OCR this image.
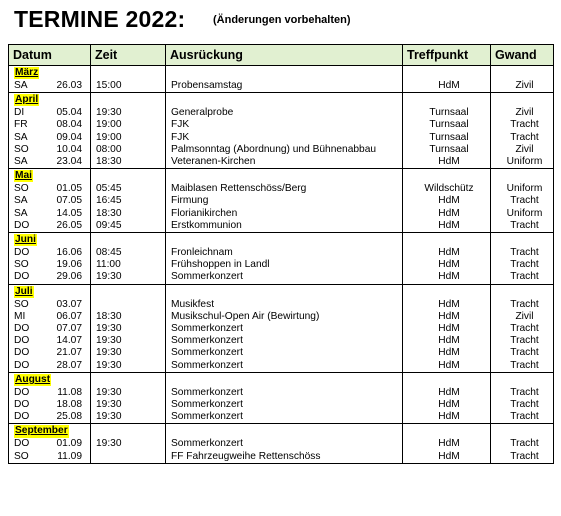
TERMINE 2022:	(Änderungen vorbehalten)
Datum	Zeit	Ausrückung	Treffpunkt	Gwand
März				
SA 26.03	15:00	Probensamstag	HdM	Zivil
April				
DI 05.04	19:30	Generalprobe	Turnsaal	Zivil
FR 08.04	19:00	FJK	Turnsaal	Tracht
SA 09.04	19:00	FJK	Turnsaal	Tracht
SO 10.04	08:00	Palmsonntag (Abordnung) und Bühnenabbau	Turnsaal	Zivil
SA 23.04	18:30	Veteranen-Kirchen	HdM	Uniform
Mai				
SO 01.05	05:45	Maiblasen Rettenschöss/Berg	Wildschütz	Uniform
SA 07.05	16:45	Firmung	HdM	Tracht
SA 14.05	18:30	Florianikirchen	HdM	Uniform
DO 26.05	09:45	Erstkommunion	HdM	Tracht
Juni				
DO 16.06	08:45	Fronleichnam	HdM	Tracht
SO 19.06	11:00	Frühshoppen in Landl	HdM	Tracht
DO 29.06	19:30	Sommerkonzert	HdM	Tracht
Juli				
SO 03.07		Musikfest	HdM	Tracht
MI 06.07	18:30	Musikschul-Open Air (Bewirtung)	HdM	Zivil
DO 07.07	19:30	Sommerkonzert	HdM	Tracht
DO 14.07	19:30	Sommerkonzert	HdM	Tracht
DO 21.07	19:30	Sommerkonzert	HdM	Tracht
DO 28.07	19:30	Sommerkonzert	HdM	Tracht
August				
DO 11.08	19:30	Sommerkonzert	HdM	Tracht
DO 18.08	19:30	Sommerkonzert	HdM	Tracht
DO 25.08	19:30	Sommerkonzert	HdM	Tracht
September				
DO 01.09	19:30	Sommerkonzert	HdM	Tracht
SO 11.09		FF Fahrzeugweihe Rettenschöss	HdM	Tracht
